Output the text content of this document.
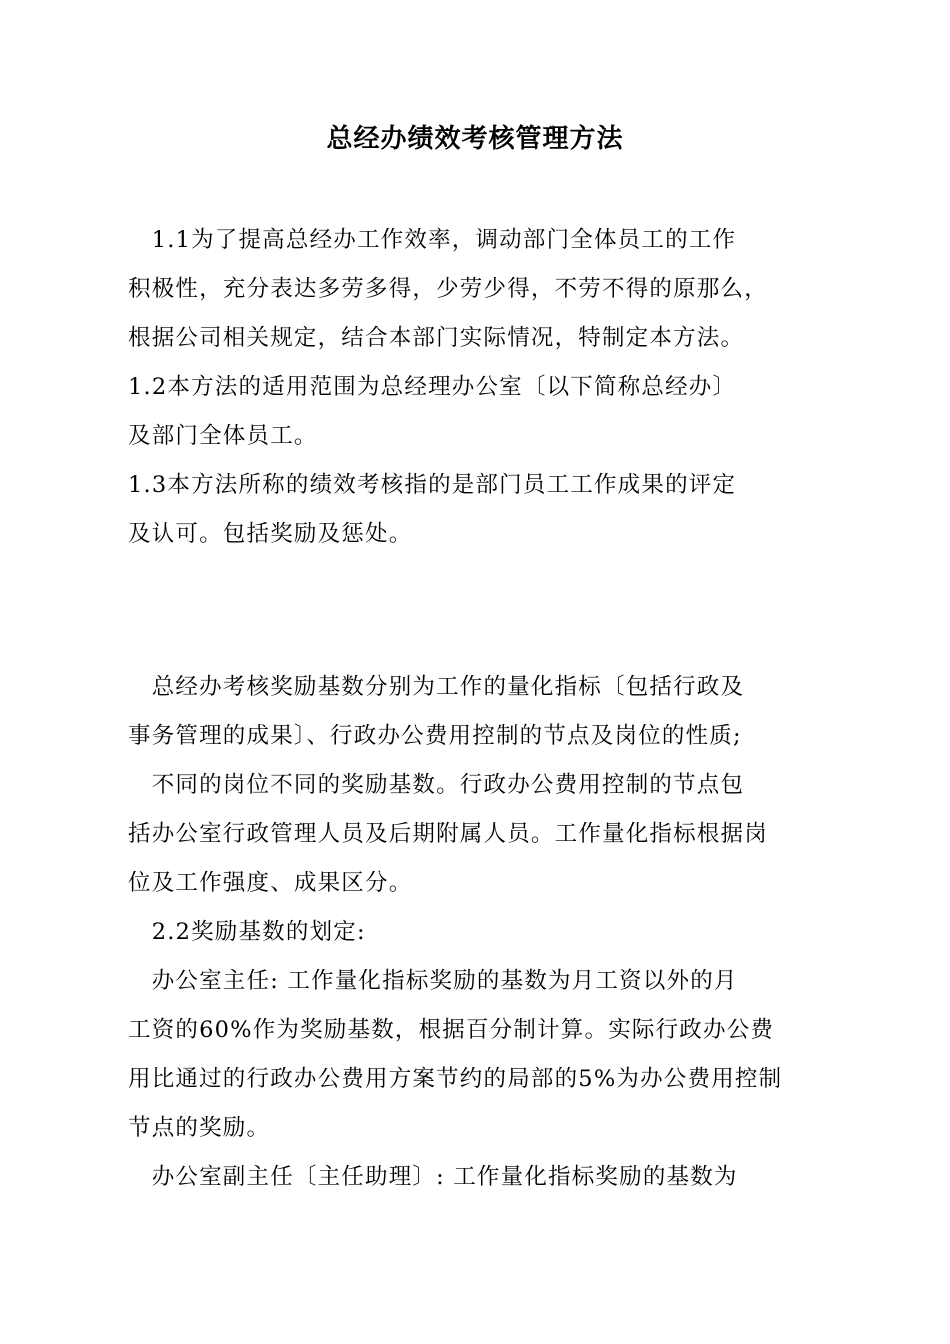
总经办绩效考核管理方法
　1.1为了提高总经办工作效率，调动部门全体员工的工作
积极性，充分表达多劳多得，少劳少得，不劳不得的原那么，
根据公司相关规定，结合本部门实际情况，特制定本方法。
1.2本方法的适用范围为总经理办公室〔以下简称总经办〕
及部门全体员工。
1.3本方法所称的绩效考核指的是部门员工工作成果的评定
及认可。包括奖励及惩处。
　总经办考核奖励基数分别为工作的量化指标〔包括行政及
事务管理的成果〕、行政办公费用控制的节点及岗位的性质;
　不同的岗位不同的奖励基数。行政办公费用控制的节点包
括办公室行政管理人员及后期附属人员。工作量化指标根据岗
位及工作强度、成果区分。
　2.2奖励基数的划定:
　办公室主任: 工作量化指标奖励的基数为月工资以外的月
工资的60%作为奖励基数，根据百分制计算。实际行政办公费
用比通过的行政办公费用方案节约的局部的5%为办公费用控制
节点的奖励。
　办公室副主任〔主任助理〕: 工作量化指标奖励的基数为
